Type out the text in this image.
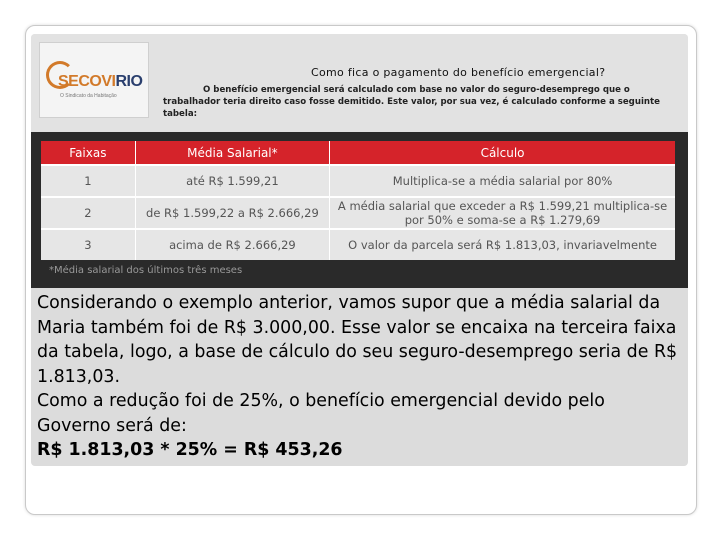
SECOVIRIO
O Sindicato da Habitação
Como fica o pagamento do benefício emergencial?
O benefício emergencial será calculado com base no valor do seguro-desemprego que o trabalhador teria direito caso fosse demitido. Este valor, por sua vez, é calculado conforme a seguinte tabela:
Faixas	Média Salarial*	Cálculo
1	até R$ 1.599,21	Multiplica-se a média salarial por 80%
2	de R$ 1.599,22 a R$ 2.666,29	A média salarial que exceder a R$ 1.599,21 multiplica-se por 50% e soma-se a R$ 1.279,69
3	acima de R$ 2.666,29	O valor da parcela será R$ 1.813,03, invariavelmente
*Média salarial dos últimos três meses

Considerando o exemplo anterior, vamos supor que a média salarial da Maria também foi de R$ 3.000,00. Esse valor se encaixa na terceira faixa da tabela, logo, a base de cálculo do seu seguro-desemprego seria de R$ 1.813,03.

Como a redução foi de 25%, o benefício emergencial devido pelo Governo será de:

R$ 1.813,03 * 25% = R$ 453,26
